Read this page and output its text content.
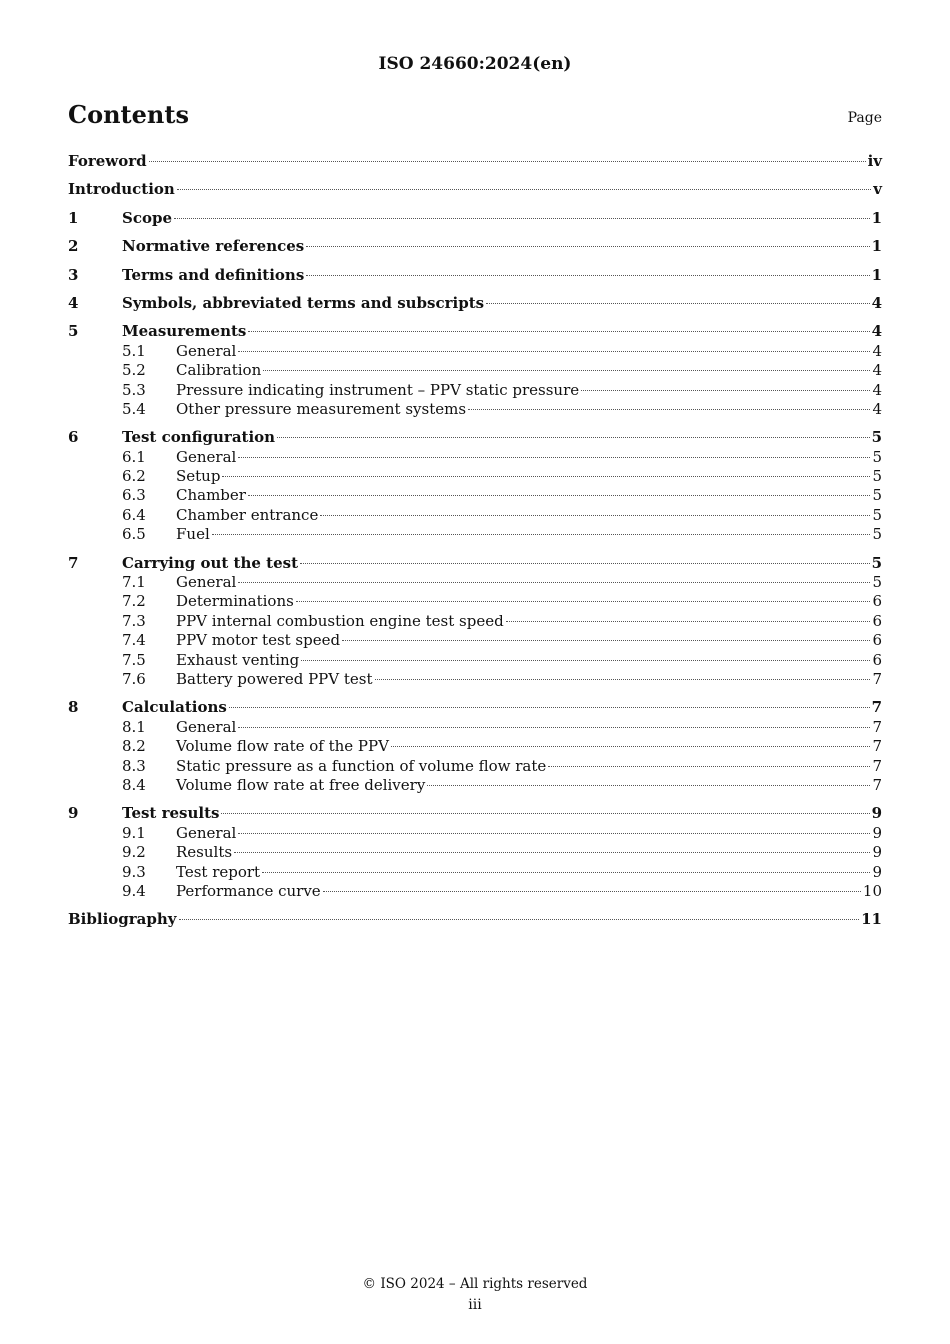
ISO 24660:2024(en)
Contents	Page
Foreword	iv
Introduction	v
1	Scope	1
2	Normative references	1
3	Terms and definitions	1
4	Symbols, abbreviated terms and subscripts	4
5	Measurements	4
5.1	General	4
5.2	Calibration	4
5.3	Pressure indicating instrument – PPV static pressure	4
5.4	Other pressure measurement systems	4
6	Test configuration	5
6.1	General	5
6.2	Setup	5
6.3	Chamber	5
6.4	Chamber entrance	5
6.5	Fuel	5
7	Carrying out the test	5
7.1	General	5
7.2	Determinations	6
7.3	PPV internal combustion engine test speed	6
7.4	PPV motor test speed	6
7.5	Exhaust venting	6
7.6	Battery powered PPV test	7
8	Calculations	7
8.1	General	7
8.2	Volume flow rate of the PPV	7
8.3	Static pressure as a function of volume flow rate	7
8.4	Volume flow rate at free delivery	7
9	Test results	9
9.1	General	9
9.2	Results	9
9.3	Test report	9
9.4	Performance curve	10
Bibliography	11
© ISO 2024 – All rights reserved
iii
